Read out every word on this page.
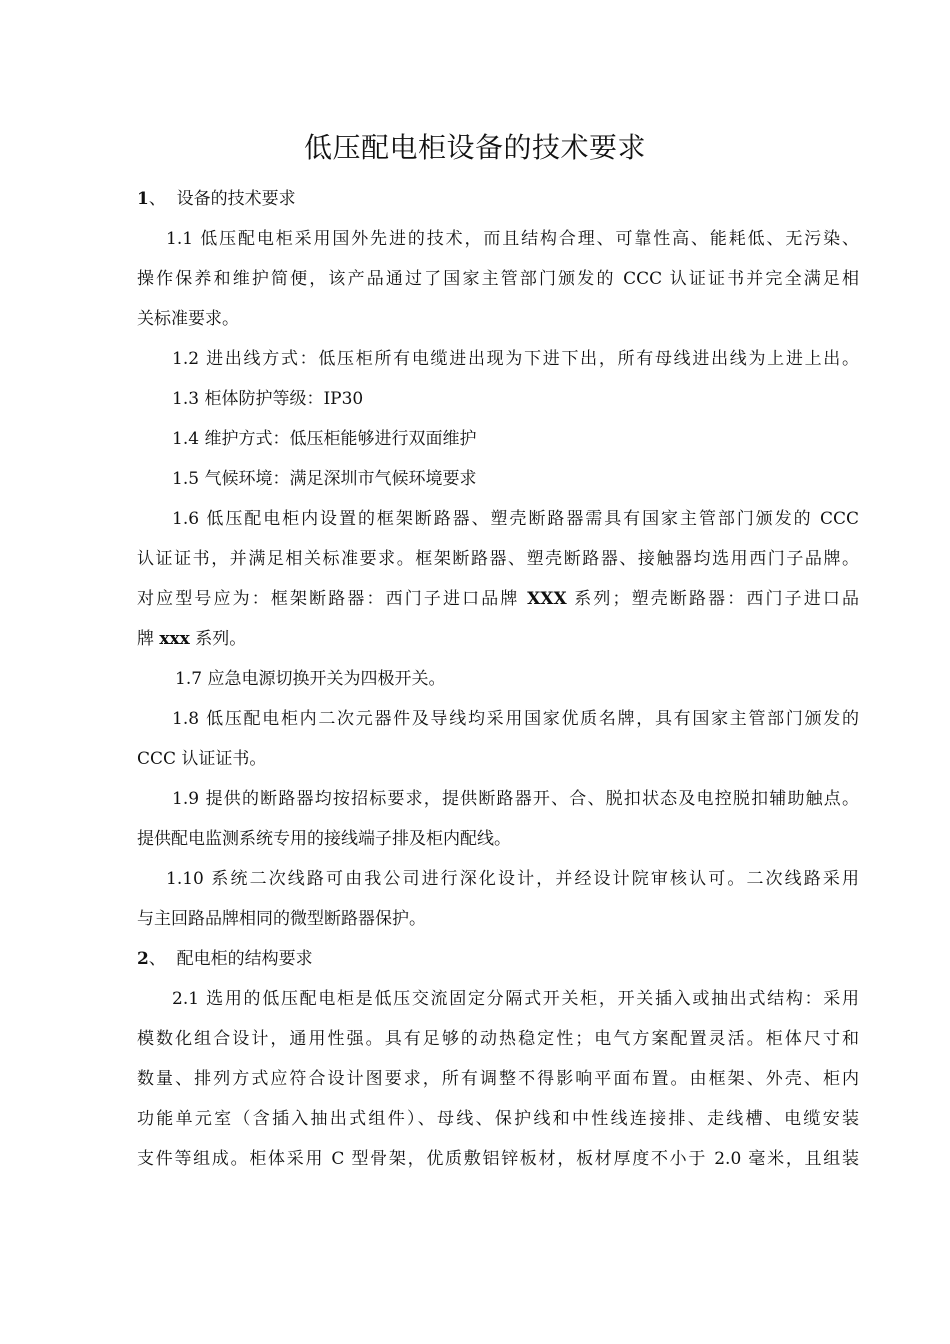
低压配电柜设备的技术要求
1、 设备的技术要求
1.1 低压配电柜采用国外先进的技术，而且结构合理、可靠性高、能耗低、无污染、
操作保养和维护简便，该产品通过了国家主管部门颁发的 CCC 认证证书并完全满足相
关标准要求。
1.2 进出线方式：低压柜所有电缆进出现为下进下出，所有母线进出线为上进上出。
1.3 柜体防护等级：IP30
1.4 维护方式：低压柜能够进行双面维护
1.5 气候环境：满足深圳市气候环境要求
1.6 低压配电柜内设置的框架断路器、塑壳断路器需具有国家主管部门颁发的 CCC
认证证书，并满足相关标准要求。框架断路器、塑壳断路器、接触器均选用西门子品牌。
对应型号应为：框架断路器：西门子进口品牌 XXX 系列；塑壳断路器：西门子进口品
牌 xxx 系列。
1.7 应急电源切换开关为四极开关。
1.8 低压配电柜内二次元器件及导线均采用国家优质名牌，具有国家主管部门颁发的
CCC 认证证书。
1.9 提供的断路器均按招标要求，提供断路器开、合、脱扣状态及电控脱扣辅助触点。
提供配电监测系统专用的接线端子排及柜内配线。
1.10 系统二次线路可由我公司进行深化设计，并经设计院审核认可。二次线路采用
与主回路品牌相同的微型断路器保护。
2、 配电柜的结构要求
2.1 选用的低压配电柜是低压交流固定分隔式开关柜，开关插入或抽出式结构：采用
模数化组合设计，通用性强。具有足够的动热稳定性；电气方案配置灵活。柜体尺寸和
数量、排列方式应符合设计图要求，所有调整不得影响平面布置。由框架、外壳、柜内
功能单元室（含插入抽出式组件）、母线、保护线和中性线连接排、走线槽、电缆安装
支件等组成。柜体采用 C 型骨架，优质敷铝锌板材，板材厚度不小于 2.0 毫米，且组装
